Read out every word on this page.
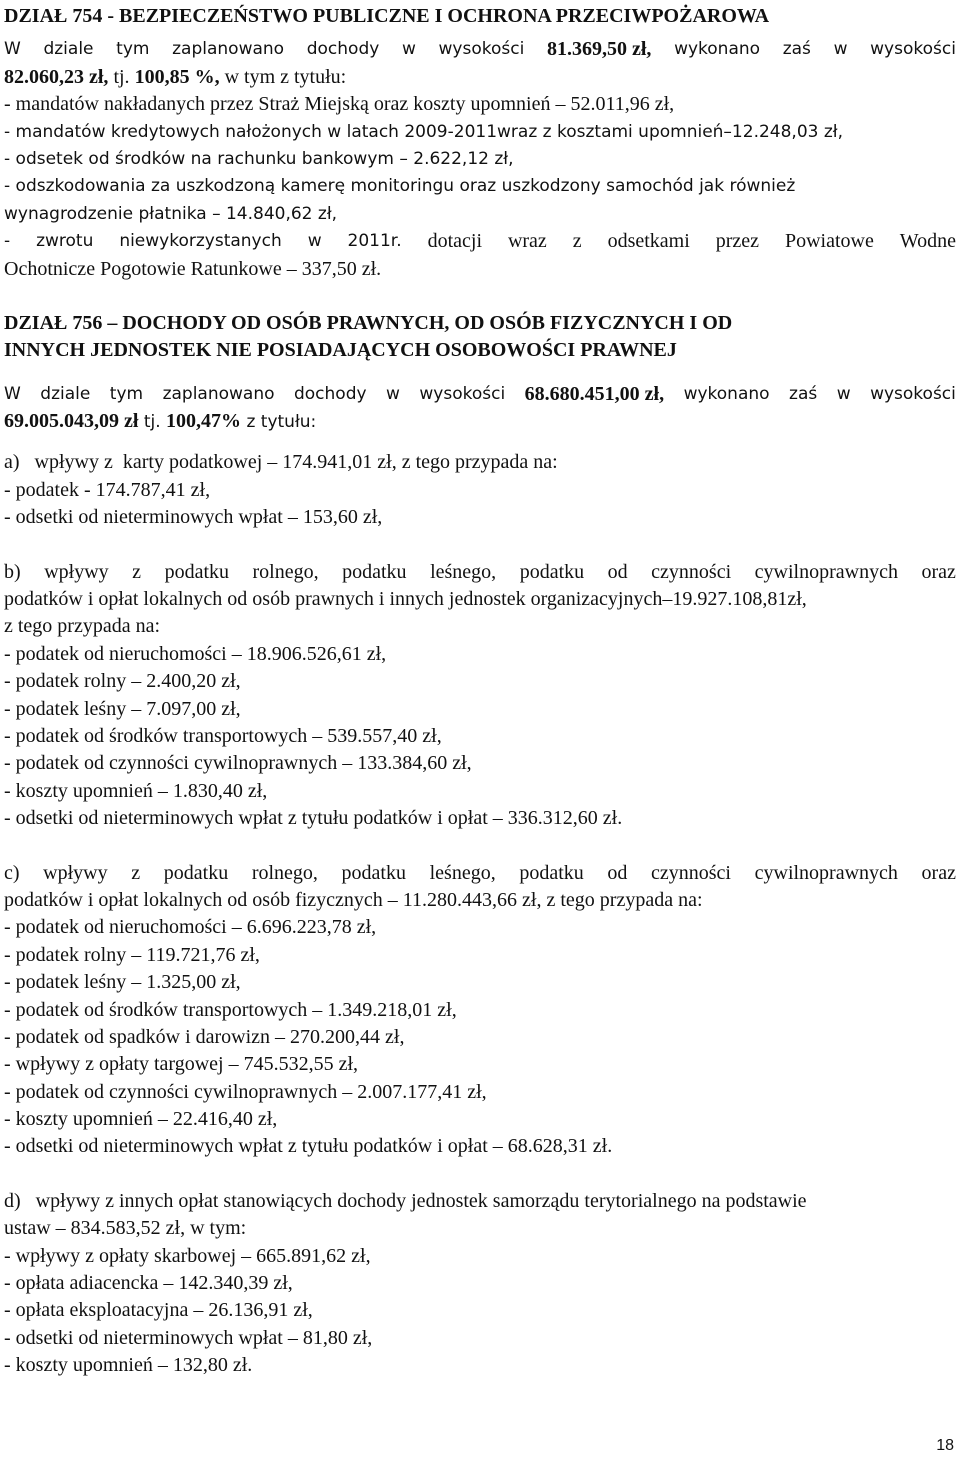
DZIAŁ 754 - BEZPIECZEŃSTWO PUBLICZNE I OCHRONA PRZECIWPOŻAROWA
W dziale tym zaplanowano dochody w wysokości 81.369,50 zł, wykonano zaś w wysokości
82.060,23 zł, tj. 100,85 %, w tym z tytułu:
- mandatów nakładanych przez Straż Miejską oraz koszty upomnień – 52.011,96 zł,
- mandatów kredytowych nałożonych w latach 2009-2011wraz z kosztami upomnień–12.248,03 zł,
- odsetek od środków na rachunku bankowym – 2.622,12 zł,
- odszkodowania za uszkodzoną kamerę monitoringu oraz uszkodzony samochód jak również
wynagrodzenie płatnika – 14.840,62 zł,
- zwrotu niewykorzystanych w 2011r. dotacji wraz z odsetkami przez Powiatowe Wodne
Ochotnicze Pogotowie Ratunkowe – 337,50 zł.
DZIAŁ 756 – DOCHODY OD OSÓB PRAWNYCH, OD OSÓB FIZYCZNYCH I OD
INNYCH JEDNOSTEK NIE POSIADAJĄCYCH OSOBOWOŚCI PRAWNEJ
W dziale tym zaplanowano dochody w wysokości 68.680.451,00 zł, wykonano zaś w wysokości
69.005.043,09 zł tj. 100,47% z tytułu:
a)   wpływy z  karty podatkowej – 174.941,01 zł, z tego przypada na:
- podatek - 174.787,41 zł,
- odsetki od nieterminowych wpłat – 153,60 zł,
b) wpływy z podatku rolnego, podatku leśnego, podatku od czynności cywilnoprawnych oraz
podatków i opłat lokalnych od osób prawnych i innych jednostek organizacyjnych–19.927.108,81zł,
z tego przypada na:
- podatek od nieruchomości – 18.906.526,61 zł,
- podatek rolny – 2.400,20 zł,
- podatek leśny – 7.097,00 zł,
- podatek od środków transportowych – 539.557,40 zł,
- podatek od czynności cywilnoprawnych – 133.384,60 zł,
- koszty upomnień – 1.830,40 zł,
- odsetki od nieterminowych wpłat z tytułu podatków i opłat – 336.312,60 zł.
c) wpływy z podatku rolnego, podatku leśnego, podatku od czynności cywilnoprawnych oraz
podatków i opłat lokalnych od osób fizycznych – 11.280.443,66 zł, z tego przypada na:
- podatek od nieruchomości – 6.696.223,78 zł,
- podatek rolny – 119.721,76 zł,
- podatek leśny – 1.325,00 zł,
- podatek od środków transportowych – 1.349.218,01 zł,
- podatek od spadków i darowizn – 270.200,44 zł,
- wpływy z opłaty targowej – 745.532,55 zł,
- podatek od czynności cywilnoprawnych – 2.007.177,41 zł,
- koszty upomnień – 22.416,40 zł,
- odsetki od nieterminowych wpłat z tytułu podatków i opłat – 68.628,31 zł.
d)   wpływy z innych opłat stanowiących dochody jednostek samorządu terytorialnego na podstawie
ustaw – 834.583,52 zł, w tym:
- wpływy z opłaty skarbowej – 665.891,62 zł,
- opłata adiacencka – 142.340,39 zł,
- opłata eksploatacyjna – 26.136,91 zł,
- odsetki od nieterminowych wpłat – 81,80 zł,
- koszty upomnień – 132,80 zł.
18
